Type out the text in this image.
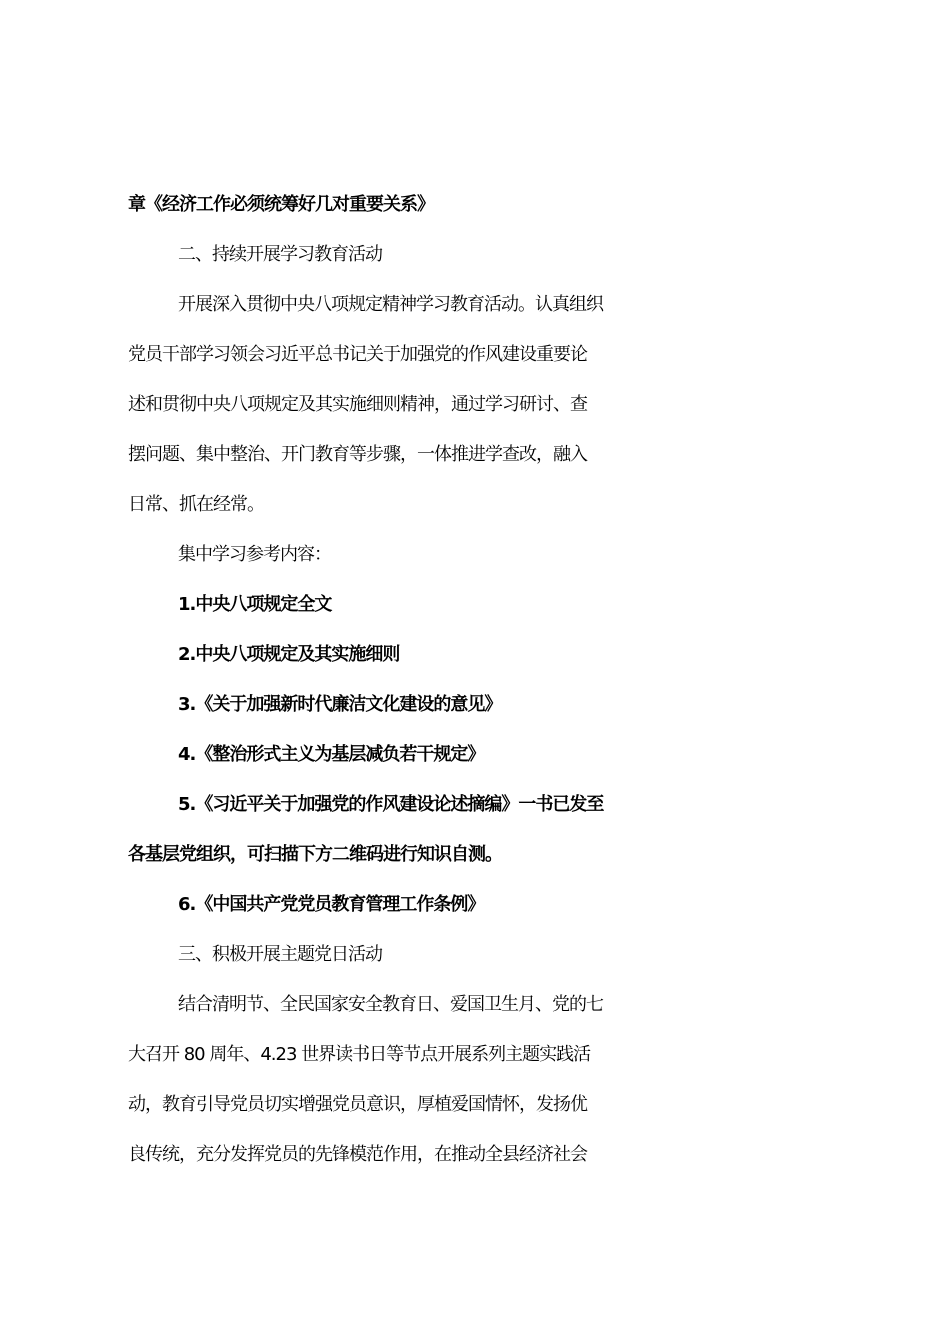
章《经济工作必须统筹好几对重要关系》
二、持续开展学习教育活动
开展深入贯彻中央八项规定精神学习教育活动。认真组织
党员干部学习领会习近平总书记关于加强党的作风建设重要论
述和贯彻中央八项规定及其实施细则精神，通过学习研讨、查
摆问题、集中整治、开门教育等步骤，一体推进学查改，融入
日常、抓在经常。
集中学习参考内容：
1.中央八项规定全文
2.中央八项规定及其实施细则
3.《关于加强新时代廉洁文化建设的意见》
4.《整治形式主义为基层减负若干规定》
5.《习近平关于加强党的作风建设论述摘编》一书已发至
各基层党组织，可扫描下方二维码进行知识自测。
6.《中国共产党党员教育管理工作条例》
三、积极开展主题党日活动
结合清明节、全民国家安全教育日、爱国卫生月、党的七
大召开 80 周年、4.23 世界读书日等节点开展系列主题实践活
动，教育引导党员切实增强党员意识，厚植爱国情怀，发扬优
良传统，充分发挥党员的先锋模范作用，在推动全县经济社会
